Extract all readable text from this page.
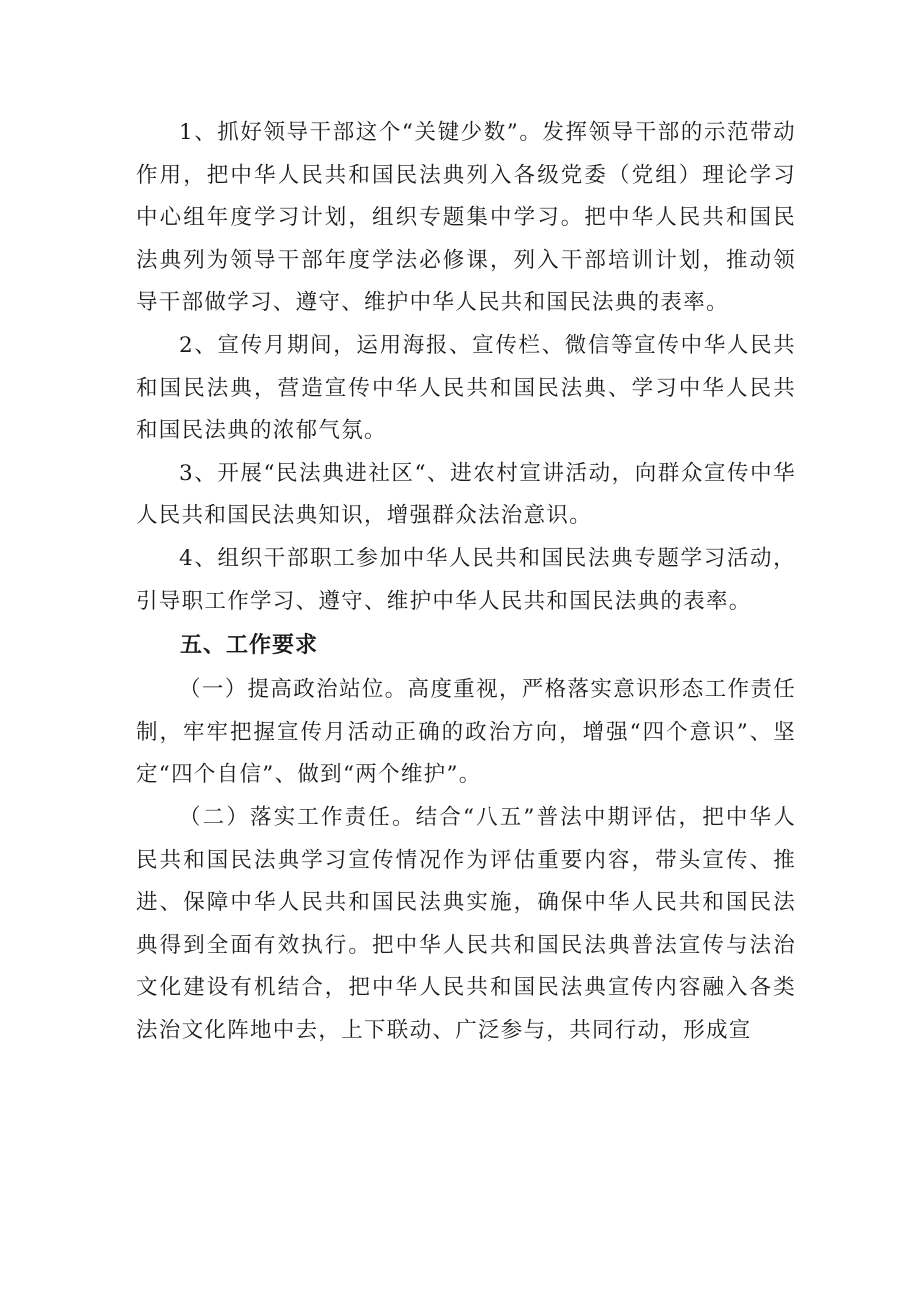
1、抓好领导干部这个“关键少数”。发挥领导干部的示范带动作用，把中华人民共和国民法典列入各级党委（党组）理论学习中心组年度学习计划，组织专题集中学习。把中华人民共和国民法典列为领导干部年度学法必修课，列入干部培训计划，推动领导干部做学习、遵守、维护中华人民共和国民法典的表率。

2、宣传月期间，运用海报、宣传栏、微信等宣传中华人民共和国民法典，营造宣传中华人民共和国民法典、学习中华人民共和国民法典的浓郁气氛。

3、开展“民法典进社区“、进农村宣讲活动，向群众宣传中华人民共和国民法典知识，增强群众法治意识。

4、组织干部职工参加中华人民共和国民法典专题学习活动，引导职工作学习、遵守、维护中华人民共和国民法典的表率。

五、工作要求

（一）提高政治站位。高度重视，严格落实意识形态工作责任制，牢牢把握宣传月活动正确的政治方向，增强“四个意识”、坚定“四个自信”、做到“两个维护”。

（二）落实工作责任。结合“八五”普法中期评估，把中华人民共和国民法典学习宣传情况作为评估重要内容，带头宣传、推进、保障中华人民共和国民法典实施，确保中华人民共和国民法典得到全面有效执行。把中华人民共和国民法典普法宣传与法治文化建设有机结合，把中华人民共和国民法典宣传内容融入各类法治文化阵地中去，上下联动、广泛参与，共同行动，形成宣
